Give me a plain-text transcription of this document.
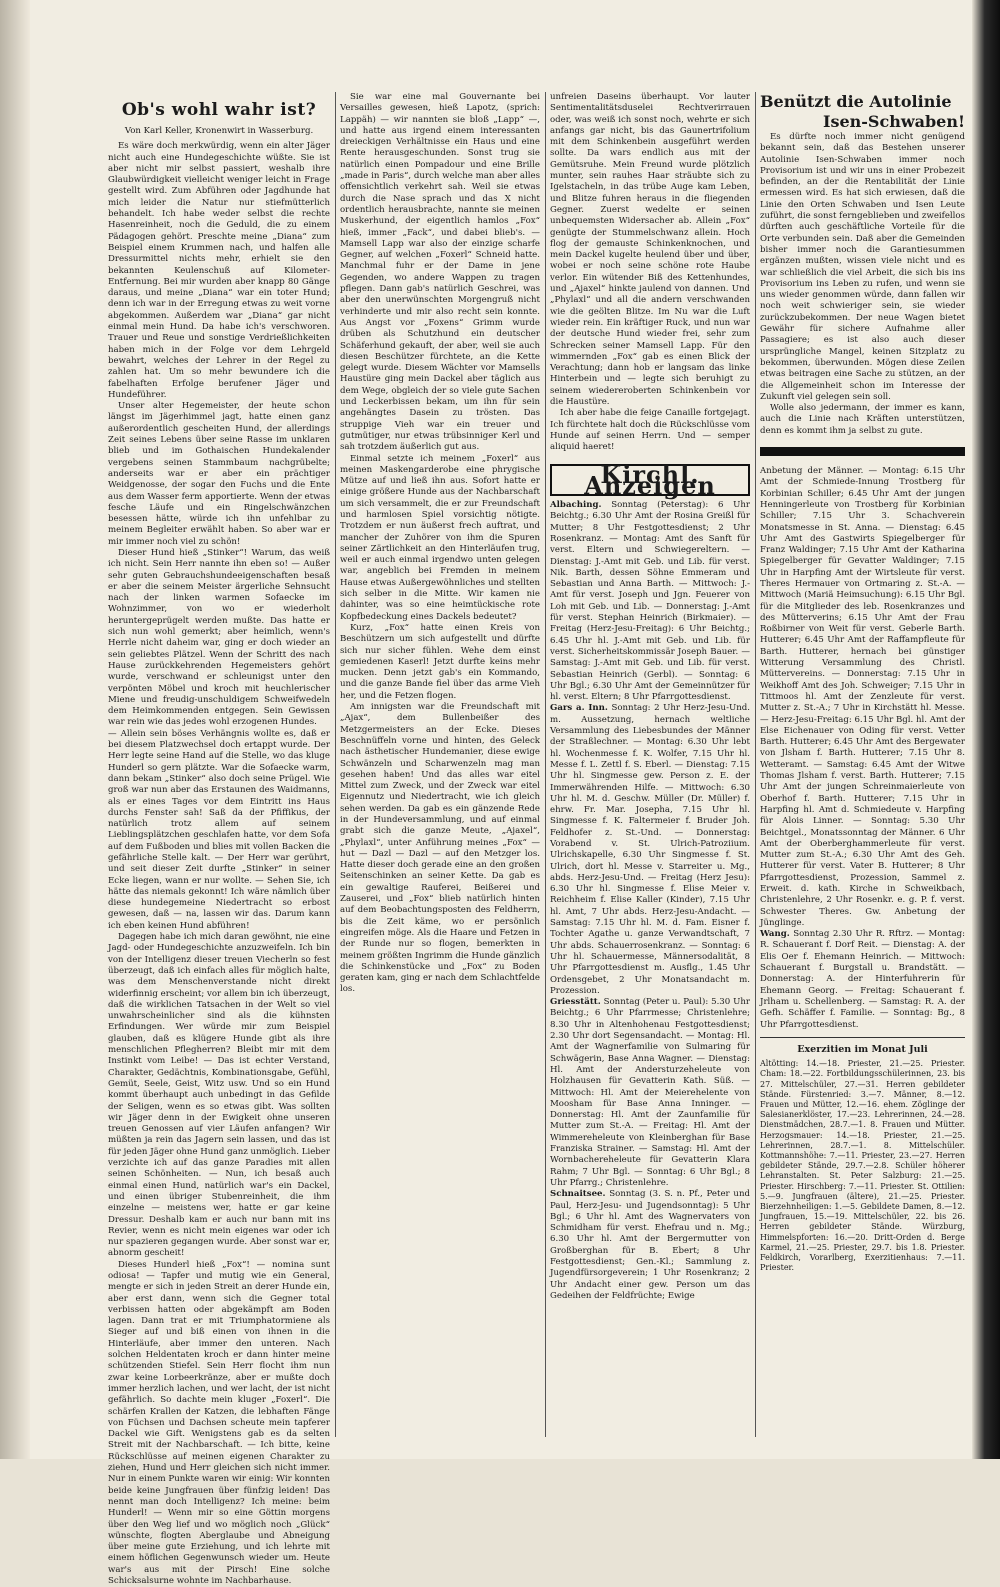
Ob's wohl wahr ist?
Von Karl Keller, Kronenwirt in Wasserburg.

Es wäre doch merkwürdig, wenn ein alter Jäger nicht auch eine Hundegeschichte wüßte. Sie ist aber nicht mir selbst passiert, weshalb ihre Glaubwürdigkeit vielleicht weniger leicht in Frage gestellt wird. Zum Abführen oder Jagdhunde hat mich leider die Natur nur stiefmütterlich behandelt. Ich habe weder selbst die rechte Hasenreinheit, noch die Geduld, die zu einem Pädagogen gehört. Preschte meine „Diana“ zum Beispiel einem Krummen nach, und halfen alle Dressurmittel nichts mehr, erhielt sie den bekannten Keulenschuß auf Kilometer-Entfernung. Bei mir wurden aber knapp 80 Gänge daraus, und meine „Diana“ war ein toter Hund; denn ich war in der Erregung etwas zu weit vorne abgekommen. Außerdem war „Diana“ gar nicht einmal mein Hund. Da habe ich's verschworen. Trauer und Reue und sonstige Verdrießlichkeiten haben mich in der Folge vor dem Lehrgeld bewahrt, welches der Lehrer in der Regel zu zahlen hat. Um so mehr bewundere ich die fabelhaften Erfolge berufener Jäger und Hundeführer.

Unser alter Hegemeister, der heute schon längst im Jägerhimmel jagt, hatte einen ganz außerordentlich gescheiten Hund, der allerdings Zeit seines Lebens über seine Rasse im unklaren blieb und im Gothaischen Hundekalender vergebens seinen Stammbaum nachgrübelte; anderseits war er aber ein prächtiger Weidgenosse, der sogar den Fuchs und die Ente aus dem Wasser ferm apportierte. Wenn der etwas fesche Läufe und ein Ringelschwänzchen besessen hätte, würde ich ihn unfehlbar zu meinem Begleiter erwählt haben. So aber war er mir immer noch viel zu schön!

Dieser Hund hieß „Stinker“! Warum, das weiß ich nicht. Sein Herr nannte ihn eben so! — Außer sehr guten Gebrauchshundeeigenschaften besaß er aber die seinem Meister ärgerliche Sehnsucht nach der linken warmen Sofaecke im Wohnzimmer, von wo er wiederholt heruntergeprügelt werden mußte. Das hatte er sich nun wohl gemerkt; aber heimlich, wenn's Herrle nicht daheim war, ging er doch wieder an sein geliebtes Plätzel. Wenn der Schritt des nach Hause zurückkehrenden Hegemeisters gehört wurde, verschwand er schleunigst unter den verpönten Möbel und kroch mit heuchlerischer Miene und freudig-unschuldigem Schweifwedeln dem Heimkommenden entgegen. Sein Gewissen war rein wie das jedes wohl erzogenen Hundes.

— Allein sein böses Verhängnis wollte es, daß er bei diesem Platzwechsel doch ertappt wurde. Der Herr legte seine Hand auf die Stelle, wo das kluge Hunderl so gern plätzte. War die Sofaecke warm, dann bekam „Stinker“ also doch seine Prügel. Wie groß war nun aber das Erstaunen des Waidmanns, als er eines Tages vor dem Eintritt ins Haus durchs Fenster sah! Saß da der Pfiffikus, der natürlich trotz allem auf seinem Lieblingsplätzchen geschlafen hatte, vor dem Sofa auf dem Fußboden und blies mit vollen Backen die gefährliche Stelle kalt. — Der Herr war gerührt, und seit dieser Zeit durfte „Stinker“ in seiner Ecke liegen, wann er nur wollte. — Sehen Sie, ich hätte das niemals gekonnt! Ich wäre nämlich über diese hundegemeine Niedertracht so erbost gewesen, daß — na, lassen wir das. Darum kann ich eben keinen Hund abführen!

Dagegen habe ich mich daran gewöhnt, nie eine Jagd- oder Hundegeschichte anzuzweifeln. Ich bin von der Intelligenz dieser treuen Viecherln so fest überzeugt, daß ich einfach alles für möglich halte, was dem Menschenverstande nicht direkt widerfinnig erscheint; vor allem bin ich überzeugt, daß die wirklichen Tatsachen in der Welt so viel unwahrscheinlicher sind als die kühnsten Erfindungen. Wer würde mir zum Beispiel glauben, daß es klügere Hunde gibt als ihre menschlichen Pflegherren? Bleibt mir mit dem Instinkt vom Leibe! — Das ist echter Verstand, Charakter, Gedächtnis, Kombinationsgabe, Gefühl, Gemüt, Seele, Geist, Witz usw. Und so ein Hund kommt überhaupt auch unbedingt in das Gefilde der Seligen, wenn es so etwas gibt. Was sollten wir Jäger denn in der Ewigkeit ohne unseren treuen Genossen auf vier Läufen anfangen? Wir müßten ja rein das Jagern sein lassen, und das ist für jeden Jäger ohne Hund ganz unmöglich. Lieber verzichte ich auf das ganze Paradies mit allen seinen Schönheiten. — Nun, ich besaß auch einmal einen Hund, natürlich war's ein Dackel, und einen übriger Stubenreinheit, die ihm einzelne — meistens wer, hatte er gar keine Dressur. Deshalb kam er auch nur bann mit ins Revier, wenn es nicht mein eigenes war oder ich nur spazieren gegangen wurde. Aber sonst war er, abnorm gescheit!

Dieses Hunderl hieß „Fox“! — nomina sunt odiosa! — Tapfer und mutig wie ein General, mengte er sich in jeden Streit an derer Hunde ein, aber erst dann, wenn sich die Gegner total verbissen hatten oder abgekämpft am Boden lagen. Dann trat er mit Triumphatormiene als Sieger auf und biß einen von ihnen in die Hinterläufe, aber immer den unteren. Nach solchen Heldentaten kroch er dann hinter meine schützenden Stiefel. Sein Herr flocht ihm nun zwar keine Lorbeerkränze, aber er mußte doch immer herzlich lachen, und wer lacht, der ist nicht gefährlich. So dachte mein kluger „Foxerl“. Die schärfen Krallen der Katzen, die lebhaften Fänge von Füchsen und Dachsen scheute mein tapferer Dackel wie Gift. Wenigstens gab es da selten Streit mit der Nachbarschaft. — Ich bitte, keine Rückschlüsse auf meinen eigenen Charakter zu ziehen, Hund und Herr gleichen sich nicht immer. Nur in einem Punkte waren wir einig: Wir konnten beide keine Jungfrauen über fünfzig leiden! Das nennt man doch Intelligenz? Ich meine: beim Hunderl! — Wenn mir so eine Göttin morgens über den Weg lief und wo möglich noch „Glück“ wünschte, flogten Aberglaube und Abneigung über meine gute Erziehung, und ich lehrte mit einem höflichen Gegenwunsch wieder um. Heute war's aus mit der Pirsch! Eine solche Schicksalsurne wohnte im Nachbarhause.

Sie war eine mal Gouvernante bei Versailles gewesen, hieß Lapotz, (sprich: Lappäh) — wir nannten sie bloß „Lapp“ —, und hatte aus irgend einem interessanten dreieckigen Verhältnisse ein Haus und eine Rente herausgeschunden. Sonst trug sie natürlich einen Pompadour und eine Brille „made in Paris“, durch welche man aber alles offensichtlich verkehrt sah. Weil sie etwas durch die Nase sprach und das X nicht ordentlich herausbrachte, nannte sie meinen Muskerhund, der eigentlich hamlos „Fox“ hieß, immer „Fack“, und dabei blieb's. — Mamsell Lapp war also der einzige scharfe Gegner, auf welchen „Foxerl“ Schneid hatte. Manchmal fuhr er der Dame in jene Gegenden, wo andere Wappen zu tragen pflegen. Dann gab's natürlich Geschrei, was aber den unerwünschten Morgengruß nicht verhinderte und mir also recht sein konnte. Aus Angst vor „Foxens“ Grimm wurde drüben als Schutzhund ein deutscher Schäferhund gekauft, der aber, weil sie auch diesen Beschützer fürchtete, an die Kette gelegt wurde. Diesem Wächter vor Mamsells Haustüre ging mein Dackel aber täglich aus dem Wege, obgleich der so viele gute Sachen und Leckerbissen bekam, um ihn für sein angehängtes Dasein zu trösten. Das struppige Vieh war ein treuer und gutmütiger, nur etwas trübsinniger Kerl und sah trotzdem äußerlich gut aus.

Einmal setzte ich meinem „Foxerl“ aus meinen Maskengarderobe eine phrygische Mütze auf und ließ ihn aus. Sofort hatte er einige größere Hunde aus der Nachbarschaft um sich versammelt, die er zur Freundschaft und harmlosen Spiel vorsichtig nötigte. Trotzdem er nun äußerst frech auftrat, und mancher der Zuhörer von ihm die Spuren seiner Zärtlichkeit an den Hinterläufen trug, weil er auch einmal irgendwo unten gelegen war, angeblich bei Fremden in meinem Hause etwas Außergewöhnliches und stellten sich selber in die Mitte. Wir kamen nie dahinter, was so eine heimtückische rote Kopfbedeckung eines Dackels bedeutet?

Kurz, „Fox“ hatte einen Kreis von Beschützern um sich aufgestellt und dürfte sich nur sicher fühlen. Wehe dem einst gemiedenen Kaserl! Jetzt durfte keins mehr mucken. Denn jetzt gab's ein Kommando, und die ganze Bande fiel über das arme Vieh her, und die Fetzen flogen.

Am innigsten war die Freundschaft mit „Ajax“, dem Bullenbeißer des Metzgermeisters an der Ecke. Dieses Beschnüffeln vorne und hinten, des Geleck nach ästhetischer Hundemanier, diese ewige Schwänzeln und Scharwenzeln mag man gesehen haben! Und das alles war eitel Mittel zum Zweck, und der Zweck war eitel Eigennutz und Niedertracht, wie ich gleich sehen werden. Da gab es ein gänzende Rede in der Hundeversammlung, und auf einmal grabt sich die ganze Meute, „Ajaxel“, „Phylaxl“, unter Anführung meines „Fox“ — hut — Dazl — Dazl — auf den Metzger los. Hatte dieser doch gerade eine an den großen Seitenschinken an seiner Kette. Da gab es ein gewaltige Rauferei, Beißerei und Zauserei, und „Fox“ blieb natürlich hinten auf dem Beobachtungsposten des Feldherrn, bis die Zeit käme, wo er persönlich eingreifen möge. Als die Haare und Fetzen in der Runde nur so flogen, bemerkten in meinem größten Ingrimm die Hunde gänzlich die Schinkenstücke und „Fox“ zu Boden geraten kam, ging er nach dem Schlachtfelde los.

unfreien Daseins überhaupt. Vor lauter Sentimentalitätsduselei Rechtverirrauen oder, was weiß ich sonst noch, wehrte er sich anfangs gar nicht, bis das Gaunertrifolium mit dem Schinkenbein ausgeführt werden sollte. Da wars endlich aus mit der Gemütsruhe. Mein Freund wurde plötzlich munter, sein rauhes Haar sträubte sich zu Igelstacheln, in das trübe Auge kam Leben, und Blitze fuhren heraus in die fliegenden Gegner. Zuerst wedelte er seinen unbequemsten Widersacher ab. Allein „Fox“ genügte der Stummelschwanz allein. Hoch flog der gemauste Schinkenknochen, und mein Dackel kugelte heulend über und über, wobei er noch seine schöne rote Haube verlor. Ein wütender Biß des Kettenhundes, und „Ajaxel“ hinkte jaulend von dannen. Und „Phylaxl“ und all die andern verschwanden wie die geölten Blitze. Im Nu war die Luft wieder rein. Ein kräftiger Ruck, und nun war der deutsche Hund wieder frei, sehr zum Schrecken seiner Mamsell Lapp. Für den wimmernden „Fox“ gab es einen Blick der Verachtung; dann hob er langsam das linke Hinterbein und — legte sich beruhigt zu seinem wiedereroberten Schinkenbein vor die Haustüre.

Ich aber habe die feige Canaille fortgejagt. Ich fürchtete halt doch die Rückschlüsse vom Hunde auf seinen Herrn. Und — semper aliquid haeret!

Kirchl. Anzeigen

Albaching. Sonntag (Peterstag): 6 Uhr Beichtg.; 6.30 Uhr Amt der Rosina Greißl für Mutter; 8 Uhr Festgottesdienst; 2 Uhr Rosenkranz. — Montag: Amt des Sanft für verst. Eltern und Schwiegereltern. — Dienstag: J.-Amt mit Geb. und Lib. für verst. Nik. Barth, dessen Söhne Emmeram und Sebastian und Anna Barth. — Mittwoch: J.-Amt für verst. Joseph und Jgn. Feuerer von Loh mit Geb. und Lib. — Donnerstag: J.-Amt für verst. Stephan Heinrich (Birkmaier). — Freitag (Herz-Jesu-Freitag): 6 Uhr Beichtg.; 6.45 Uhr hl. J.-Amt mit Geb. und Lib. für verst. Sicherheitskommissär Joseph Bauer. — Samstag: J.-Amt mit Geb. und Lib. für verst. Sebastian Heinrich (Gerbl). — Sonntag: 6 Uhr Bgl.; 6.30 Uhr Amt der Gemeinnützer für hl. verst. Eltern; 8 Uhr Pfarrgottesdienst.

Gars a. Inn. Sonntag: 2 Uhr Herz-Jesu-Und. m. Aussetzung, hernach weltliche Versammlung des Liebesbundes der Männer der Straßlechner. — Montag: 6.30 Uhr lebt hl. Wochenmesse f. K. Wolfer, 7.15 Uhr hl. Messe f. L. Zettl f. S. Eberl. — Dienstag: 7.15 Uhr hl. Singmesse gew. Person z. E. der Immerwährenden Hilfe. — Mittwoch: 6.30 Uhr hl. M. d. Geschw. Müller (Dr. Müller) f. ehrw. Fr. Mar. Josepha, 7.15 Uhr hl. Singmesse f. K. Faltermeier f. Bruder Joh. Feldhofer z. St.-Und. — Donnerstag: Vorabend v. St. Ulrich-Patroziium. Ulrichskapelle, 6.30 Uhr Singmesse f. St. Ulrich, dort hl. Messe v. Starreiter u. Mg., abds. Herz-Jesu-Und. — Freitag (Herz Jesu): 6.30 Uhr hl. Singmesse f. Elise Meier v. Reichheim f. Elise Kaller (Kinder), 7.15 Uhr hl. Amt, 7 Uhr abds. Herz-Jesu-Andacht. — Samstag: 7.15 Uhr hl. M. d. Fam. Eisner f. Tochter Agathe u. ganze Verwandtschaft, 7 Uhr abds. Schauerrosenkranz. — Sonntag: 6 Uhr hl. Schauermesse, Männersodalität, 8 Uhr Pfarrgottesdienst m. Ausflg., 1.45 Uhr Ordensgebet, 2 Uhr Monatsandacht m. Prozession.

Griesstätt. Sonntag (Peter u. Paul): 5.30 Uhr Beichtg.; 6 Uhr Pfarrmesse; Christenlehre; 8.30 Uhr in Altenhohenau Festgottesdienst; 2.30 Uhr dort Segensandacht. — Montag: Hl. Amt der Wagnerfamilie von Sulmaring für Schwägerin, Base Anna Wagner. — Dienstag: Hl. Amt der Andersturzeheleute von Holzhausen für Gevatterin Kath. Süß. — Mittwoch: Hl. Amt der Meierehelente von Moosham für Base Anna Inninger. — Donnerstag: Hl. Amt der Zaunfamilie für Mutter zum St.-A. — Freitag: Hl. Amt der Wimmereheleute von Kleinberghan für Base Franziska Strainer. — Samstag: Hl. Amt der Wornbachereheleute für Gevatterin Klara Rahm; 7 Uhr Bgl. — Sonntag: 6 Uhr Bgl.; 8 Uhr Pfarrg.; Christenlehre.

Schnaitsee. Sonntag (3. S. n. Pf., Peter und Paul, Herz-Jesu- und Jugendsonntag): 5 Uhr Bgl.; 6 Uhr hl. Amt des Wagnervaters von Schmidham für verst. Ehefrau und n. Mg.; 6.30 Uhr hl. Amt der Bergermutter von Großberghan für B. Ebert; 8 Uhr Festgottesdienst; Gen.-Kl.; Sammlung z. Jugendfürsorgeverein; 1 Uhr Rosenkranz; 2 Uhr Andacht einer gew. Person um das Gedeihen der Feldfrüchte; Ewige

Benützt die Autolinie
Isen-Schwaben!

Es dürfte noch immer nicht genügend bekannt sein, daß das Bestehen unserer Autolinie Isen-Schwaben immer noch Provisorium ist und wir uns in einer Probezeit befinden, an der die Rentabilität der Linie ermessen wird. Es hat sich erwiesen, daß die Linie den Orten Schwaben und Isen Leute zuführt, die sonst ferngeblieben und zweifellos dürften auch geschäftliche Vorteile für die Orte verbunden sein. Daß aber die Gemeinden bisher immer noch die Garantiesummen ergänzen mußten, wissen viele nicht und es war schließlich die viel Arbeit, die sich bis ins Provisorium ins Leben zu rufen, und wenn sie uns wieder genommen würde, dann fallen wir noch weit schwieriger sein, sie wieder zurückzubekommen. Der neue Wagen bietet Gewähr für sichere Aufnahme aller Passagiere; es ist also auch dieser ursprüngliche Mangel, keinen Sitzplatz zu bekommen, überwunden. Mögen diese Zeilen etwas beitragen eine Sache zu stützen, an der die Allgemeinheit schon im Interesse der Zukunft viel gelegen sein soll.

Wolle also jedermann, der immer es kann, auch die Linie nach Kräften unterstützen, denn es kommt ihm ja selbst zu gute.

Anbetung der Männer. — Montag: 6.15 Uhr Amt der Schmiede-Innung Trostberg für Korbinian Schiller; 6.45 Uhr Amt der jungen Henningerleute von Trostberg für Korbinian Schiller; 7.15 Uhr 3. Schachverein Monatsmesse in St. Anna. — Dienstag: 6.45 Uhr Amt des Gastwirts Spiegelberger für Franz Waldinger; 7.15 Uhr Amt der Katharina Spiegelberger für Gevatter Waldinger; 7.15 Uhr in Harpfing Amt der Wirtsleute für verst. Theres Hermauer von Ortmaring z. St.-A. — Mittwoch (Mariä Heimsuchung): 6.15 Uhr Bgl. für die Mitglieder des leb. Rosenkranzes und des Mütterverins; 6.15 Uhr Amt der Frau Roßbirner von Weit für verst. Geberle Barth. Hutterer; 6.45 Uhr Amt der Raffampfleute für Barth. Hutterer, hernach bei günstiger Witterung Versammlung des Christl. Müttervereins. — Donnerstag: 7.15 Uhr in Weikhoff Amt des Joh. Schweiger; 7.15 Uhr in Tittmoos hl. Amt der Zenzleute für verst. Mutter z. St.-A.; 7 Uhr in Kirchstätt hl. Messe. — Herz-Jesu-Freitag: 6.15 Uhr Bgl. hl. Amt der Else Eichenauer von Oding für verst. Vetter Barth. Hutterer; 6.45 Uhr Amt des Bergewater von Jlsham f. Barth. Hutterer; 7.15 Uhr 8. Wetteramt. — Samstag: 6.45 Amt der Witwe Thomas Jlsham f. verst. Barth. Hutterer; 7.15 Uhr Amt der jungen Schreinmaierleute von Oberhof f. Barth. Hutterer; 7.15 Uhr in Harpfing hl. Amt d. Schmiedeute v. Harpfing für Alois Linner. — Sonntag: 5.30 Uhr Beichtgel., Monatssonntag der Männer. 6 Uhr Amt der Oberberghammerleute für verst. Mutter zum St.-A.; 6.30 Uhr Amt des Geh. Hutterer für verst. Vater B. Hutterer; 8 Uhr Pfarrgottesdienst, Prozession, Sammel z. Erweit. d. kath. Kirche in Schweikbach, Christenlehre, 2 Uhr Rosenkr. e. g. P. f. verst. Schwester Theres. Gw. Anbetung der Jünglinge.

Wang. Sonntag 2.30 Uhr R. Rftrz. — Montag: R. Schauerant f. Dorf Reit. — Dienstag: A. der Elis Oer f. Ehemann Heinrich. — Mittwoch: Schauerant f. Burgstall u. Brandstätt. — Donnerstag: A. der Hinterfuhrerin für Ehemann Georg. — Freitag: Schauerant f. Jrlham u. Schellenberg. — Samstag: R. A. der Gefh. Schäffer f. Familie. — Sonntag: Bg., 8 Uhr Pfarrgottesdienst.

Exerzitien im Monat Juli

Altötting: 14.—18. Priester, 21.—25. Priester. Cham: 18.—22. Fortbildungsschülerinnen, 23. bis 27. Mittelschüler, 27.—31. Herren gebildeter Stände. Fürstenried: 3.—7. Männer, 8.—12. Frauen und Mütter, 12.—16. ehem. Zöglinge der Salesianerklöster, 17.—23. Lehrerinnen, 24.—28. Dienstmädchen, 28.7.—1. 8. Frauen und Mütter. Herzogsmauer: 14.—18. Priester, 21.—25. Lehrerinnen, 28.7.—1. 8. Mittelschüler. Kottmannshöhe: 7.—11. Priester, 23.—27. Herren gebildeter Stände, 29.7.—2.8. Schüler höherer Lehranstalten. St. Peter Salzburg: 21.—25. Priester. Hirschberg: 7.—11. Priester. St. Ottilien: 5.—9. Jungfrauen (ältere), 21.—25. Priester. Bierzehnheiligen: 1.—5. Gebildete Damen, 8.—12. Jungfrauen, 15.—19. Mittelschüler, 22. bis 26. Herren gebildeter Stände. Würzburg, Himmelspforten: 16.—20. Dritt-Orden d. Berge Karmel, 21.—25. Priester, 29.7. bis 1.8. Priester. Feldkirch, Vorarlberg, Exerzitienhaus: 7.—11. Priester.
